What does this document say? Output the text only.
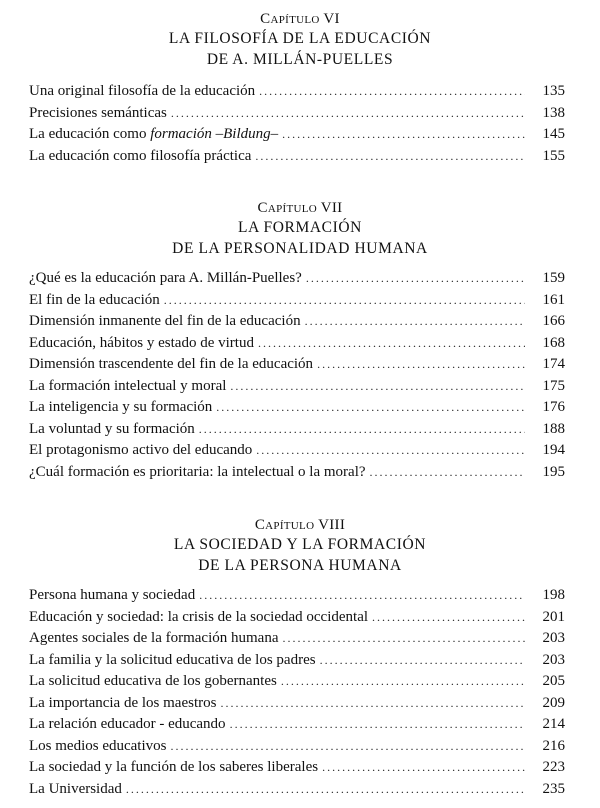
Capítulo VI
LA FILOSOFÍA DE LA EDUCACIÓN
DE A. MILLÁN-PUELLES
Una original filosofía de la educación .....	135
Precisiones semánticas .....	138
La educación como formación –Bildung– .....	145
La educación como filosofía práctica .....	155
Capítulo VII
LA FORMACIÓN
DE LA PERSONALIDAD HUMANA
¿Qué es la educación para A. Millán-Puelles? .....	159
El fin de la educación .....	161
Dimensión inmanente del fin de la educación .....	166
Educación, hábitos y estado de virtud .....	168
Dimensión trascendente del fin de la educación .....	174
La formación intelectual y moral .....	175
La inteligencia y su formación .....	176
La voluntad y su formación .....	188
El protagonismo activo del educando .....	194
¿Cuál formación es prioritaria: la intelectual o la moral? .....	195
Capítulo VIII
LA SOCIEDAD Y LA FORMACIÓN
DE LA PERSONA HUMANA
Persona humana y sociedad .....	198
Educación y sociedad: la crisis de la sociedad occidental .....	201
Agentes sociales de la formación humana .....	203
La familia y la solicitud educativa de los padres .....	203
La solicitud educativa de los gobernantes .....	205
La importancia de los maestros .....	209
La relación educador - educando .....	214
Los medios educativos .....	216
La sociedad y la función de los saberes liberales .....	223
La Universidad .....	235
